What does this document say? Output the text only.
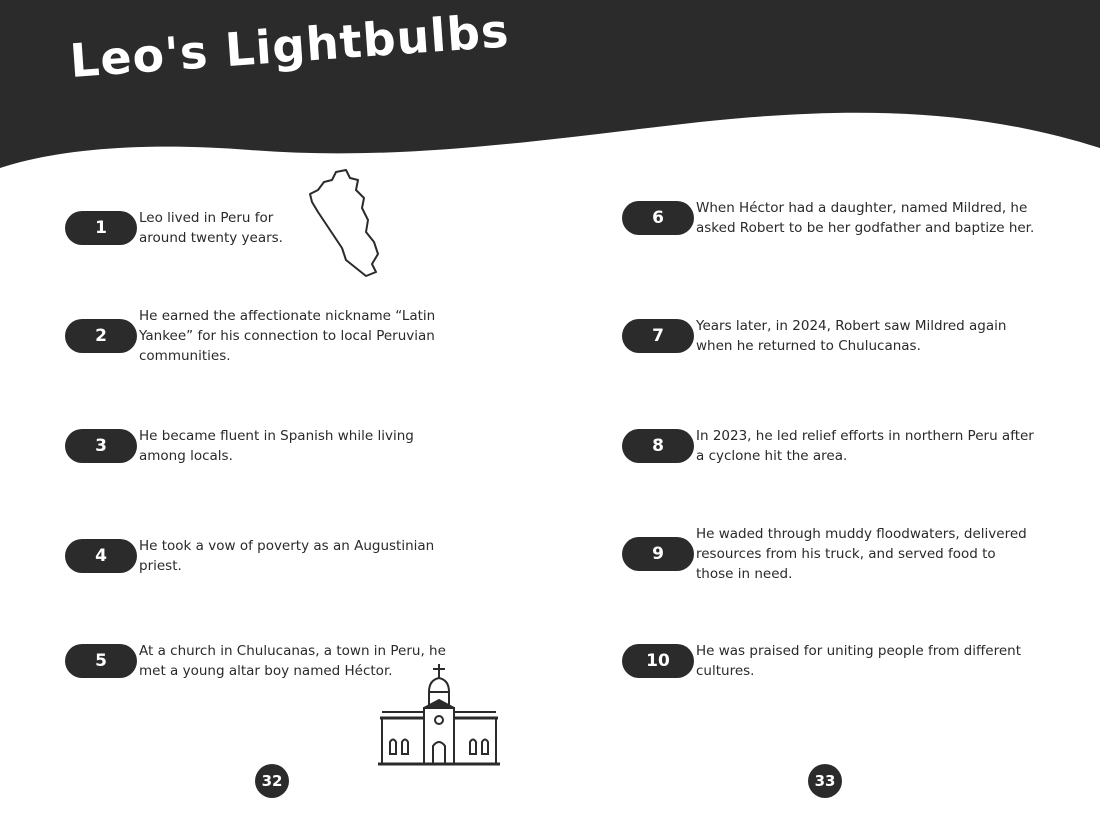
Leo's Lightbulbs
1	Leo lived in Peru for around twenty years.
2
He earned the affectionate nickname “Latin Yankee” for his connection to local Peruvian communities.
3	He became fluent in Spanish while living among locals.
4	He took a vow of poverty as an Augustinian priest.
5	At a church in Chulucanas, a town in Peru, he met a young altar boy named Héctor.
6	When Héctor had a daughter, named Mildred, he asked Robert to be her godfather and baptize her.
7	Years later, in 2024, Robert saw Mildred again when he returned to Chulucanas.
8	In 2023, he led relief efforts in northern Peru after a cyclone hit the area.
9
He waded through muddy floodwaters, delivered resources from his truck, and served food to those in need.
10	He was praised for uniting people from different cultures.
32	33
